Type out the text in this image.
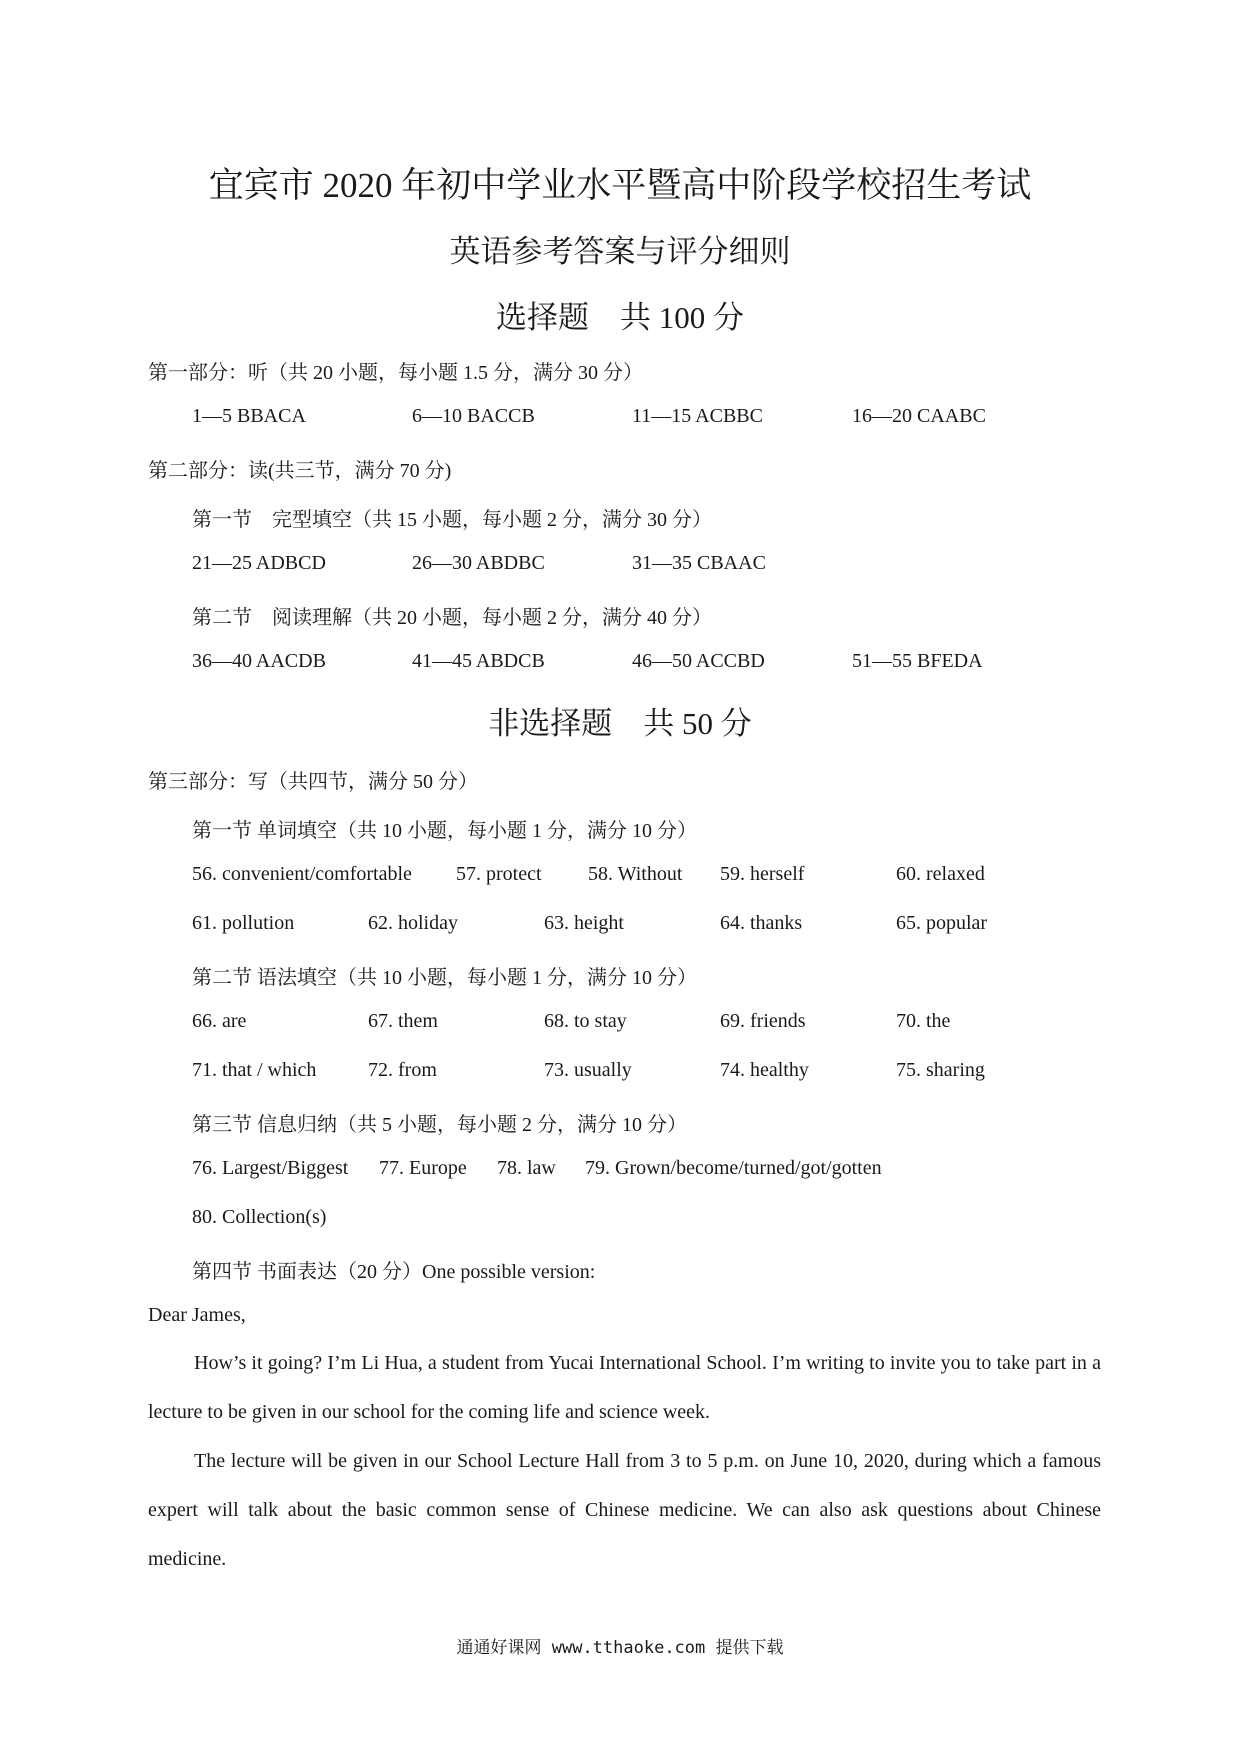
宜宾市 2020 年初中学业水平暨高中阶段学校招生考试
英语参考答案与评分细则
选择题　共 100 分
第一部分：听（共 20 小题，每小题 1.5 分，满分 30 分）
1—5 BBACA	6—10 BACCB	11—15 ACBBC	16—20 CAABC
第二部分：读(共三节，满分 70 分)
第一节　完型填空（共 15 小题，每小题 2 分，满分 30 分）
21—25 ADBCD	26—30 ABDBC	31—35 CBAAC
第二节　阅读理解（共 20 小题，每小题 2 分，满分 40 分）
36—40 AACDB	41—45 ABDCB	46—50 ACCBD	51—55 BFEDA
非选择题　共 50 分
第三部分：写（共四节，满分 50 分）
第一节 单词填空（共 10 小题，每小题 1 分，满分 10 分）
56. convenient/comfortable 57. protect 58. Without 59. herself	60. relaxed
61. pollution	62. holiday	63. height	64. thanks	65. popular
第二节 语法填空（共 10 小题，每小题 1 分，满分 10 分）
66. are	67. them	68. to stay	69. friends	70. the
71. that / which	72. from	73. usually	74. healthy	75. sharing
第三节 信息归纳（共 5 小题，每小题 2 分，满分 10 分）
76. Largest/Biggest 77. Europe 78. law 79. Grown/become/turned/got/gotten
80. Collection(s)
第四节 书面表达（20 分）One possible version:
Dear James,

How’s it going? I’m Li Hua, a student from Yucai International School. I’m writing to invite you to take part in a lecture to be given in our school for the coming life and science week.

The lecture will be given in our School Lecture Hall from 3 to 5 p.m. on June 10, 2020, during which a famous expert will talk about the basic common sense of Chinese medicine. We can also ask questions about Chinese medicine.

通通好课网 www.tthaoke.com 提供下载
